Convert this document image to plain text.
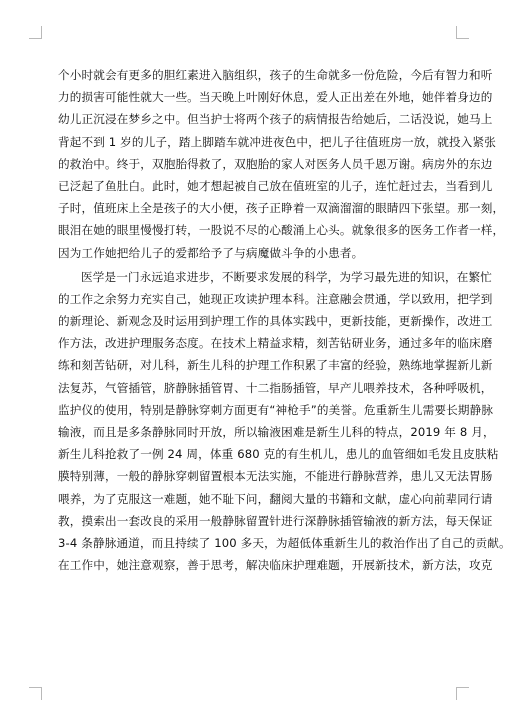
个小时就会有更多的胆红素进入脑组织，孩子的生命就多一份危险，今后有智力和听
力的损害可能性就大一些。当天晚上叶刚好休息，爱人正出差在外地，她伴着身边的
幼儿正沉浸在梦乡之中。但当护士将两个孩子的病情报告给她后，二话没说，她马上
背起不到 1 岁的儿子，踏上脚踏车就冲进夜色中，把儿子往值班房一放，就投入紧张
的救治中。终于，双胞胎得救了，双胞胎的家人对医务人员千恩万谢。病房外的东边
已泛起了鱼肚白。此时，她才想起被自己放在值班室的儿子，连忙赶过去，当看到儿
子时，值班床上全是孩子的大小便，孩子正睁着一双滴溜溜的眼睛四下张望。那一刻，
眼泪在她的眼里慢慢打转，一股说不尽的心酸涌上心头。就象很多的医务工作者一样，
因为工作她把给儿子的爱都给予了与病魔做斗争的小患者。
医学是一门永远追求进步，不断要求发展的科学，为学习最先进的知识，在繁忙
的工作之余努力充实自己，她现正攻读护理本科。注意融会贯通，学以致用，把学到
的新理论、新观念及时运用到护理工作的具体实践中，更新技能，更新操作，改进工
作方法，改进护理服务态度。在技术上精益求精，刻苦钻研业务，通过多年的临床磨
练和刻苦钻研，对儿科，新生儿科的护理工作积累了丰富的经验，熟练地掌握新儿新
法复苏，气管插管，脐静脉插管胃、十二指肠插管，早产儿喂养技术，各种呼吸机，
监护仪的使用，特别是静脉穿刺方面更有“神枪手”的美誉。危重新生儿需要长期静脉
输液，而且是多条静脉同时开放，所以输液困难是新生儿科的特点，2019 年 8 月，
新生儿科抢救了一例 24 周，体重 680 克的有生机儿，患儿的血管细如毛发且皮肤粘
膜特别薄，一般的静脉穿刺留置根本无法实施，不能进行静脉营养，患儿又无法胃肠
喂养，为了克服这一难题，她不耻下问，翻阅大量的书籍和文献，虚心向前辈同行请
教，摸索出一套改良的采用一般静脉留置针进行深静脉插管输液的新方法，每天保证
3-4 条静脉通道，而且持续了 100 多天，为超低体重新生儿的救治作出了自己的贡献。
在工作中，她注意观察，善于思考，解决临床护理难题，开展新技术，新方法，攻克
